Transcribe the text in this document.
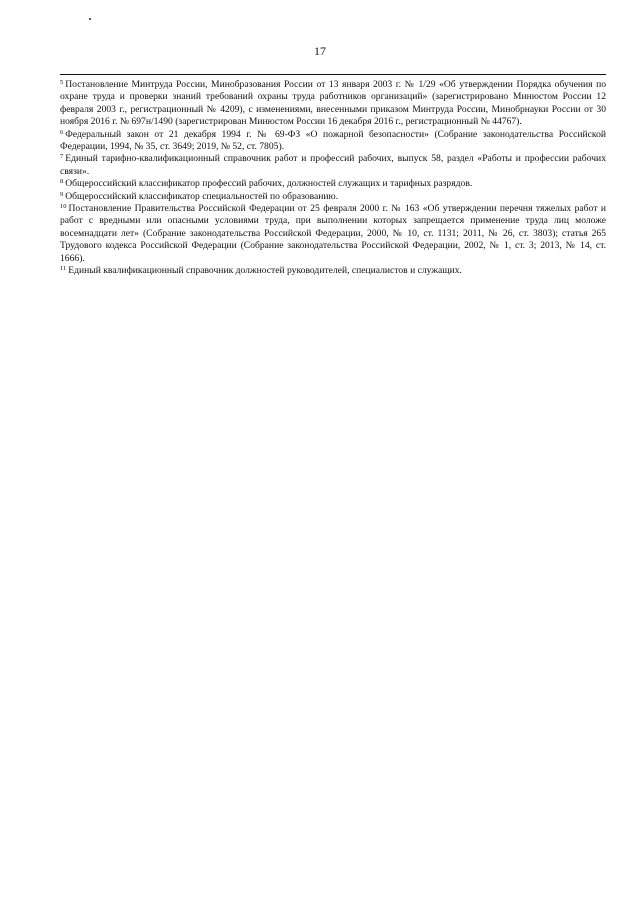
17

$^5$ Постановление Минтруда России, Минобразования России от 13 января 2003 г. № 1/29 «Об утверждении Порядка обучения по охране труда и проверки знаний требований охраны труда работников организаций» (зарегистрировано Минюстом России 12 февраля 2003 г., регистрационный № 4209), с изменениями, внесенными приказом Минтруда России, Минобрнауки России от 30 ноября 2016 г. № 697н/1490 (зарегистрирован Минюстом России 16 декабря 2016 г., регистрационный № 44767).

$^6$ Федеральный закон от 21 декабря 1994 г. № 69-ФЗ «О пожарной безопасности» (Собрание законодательства Российской Федерации, 1994, № 35, ст. 3649; 2019, № 52, ст. 7805).

$^7$ Единый тарифно-квалификационный справочник работ и профессий рабочих, выпуск 58, раздел «Работы и профессии рабочих связи».

$^8$ Общероссийский классификатор профессий рабочих, должностей служащих и тарифных разрядов.

$^9$ Общероссийский классификатор специальностей по образованию.

$^{10}$ Постановление Правительства Российской Федерации от 25 февраля 2000 г. № 163 «Об утверждении перечня тяжелых работ и работ с вредными или опасными условиями труда, при выполнении которых запрещается применение труда лиц моложе восемнадцати лет» (Собрание законодательства Российской Федерации, 2000, № 10, ст. 1131; 2011, № 26, ст. 3803); статья 265 Трудового кодекса Российской Федерации (Собрание законодательства Российской Федерации, 2002, № 1, ст. 3; 2013, № 14, ст. 1666).

$^{11}$ Единый квалификационный справочник должностей руководителей, специалистов и служащих.
